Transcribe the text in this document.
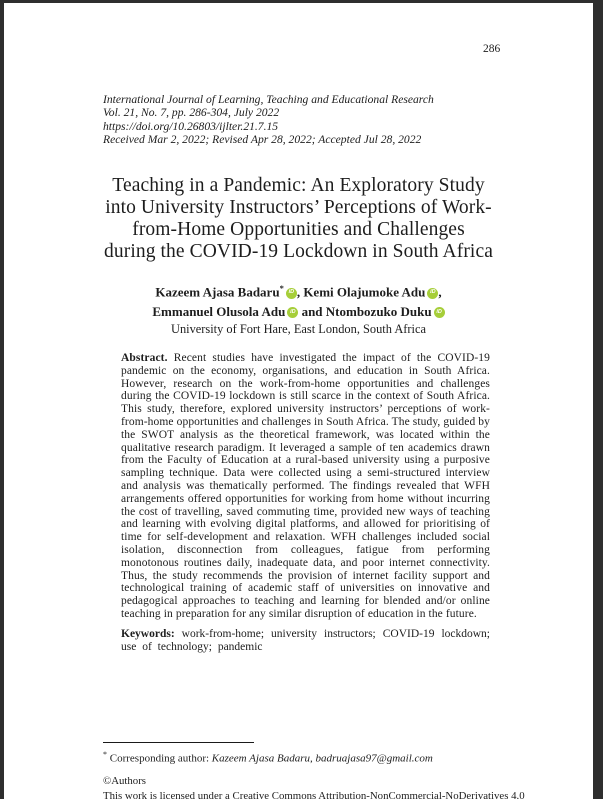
286
International Journal of Learning, Teaching and Educational Research
Vol. 21, No. 7, pp. 286-304, July 2022
https://doi.org/10.26803/ijlter.21.7.15
Received Mar 2, 2022; Revised Apr 28, 2022; Accepted Jul 28, 2022
Teaching in a Pandemic: An Exploratory Study
into University Instructors’ Perceptions of Work-
from-Home Opportunities and Challenges
during the COVID-19 Lockdown in South Africa
Kazeem Ajasa Badaru* iD , Kemi Olajumoke Adu iD ,
Emmanuel Olusola Adu iD and Ntombozuko Duku iD
University of Fort Hare, East London, South Africa

Abstract. Recent studies have investigated the impact of the COVID-19 pandemic on the economy, organisations, and education in South Africa. However, research on the work-from-home opportunities and challenges during the COVID-19 lockdown is still scarce in the context of South Africa. This study, therefore, explored university instructors’ perceptions of work-from-home opportunities and challenges in South Africa. The study, guided by the SWOT analysis as the theoretical framework, was located within the qualitative research paradigm. It leveraged a sample of ten academics drawn from the Faculty of Education at a rural-based university using a purposive sampling technique. Data were collected using a semi-structured interview and analysis was thematically performed. The findings revealed that WFH arrangements offered opportunities for working from home without incurring the cost of travelling, saved commuting time, provided new ways of teaching and learning with evolving digital platforms, and allowed for prioritising of time for self-development and relaxation. WFH challenges included social isolation, disconnection from colleagues, fatigue from performing monotonous routines daily, inadequate data, and poor internet connectivity. Thus, the study recommends the provision of internet facility support and technological training of academic staff of universities on innovative and pedagogical approaches to teaching and learning for blended and/or online teaching in preparation for any similar disruption of education in the future.

Keywords: work-from-home; university instructors; COVID-19 lockdown; use of technology; pandemic

* Corresponding author: Kazeem Ajasa Badaru, badruajasa97@gmail.com
©Authors
This work is licensed under a Creative Commons Attribution-NonCommercial-NoDerivatives 4.0
